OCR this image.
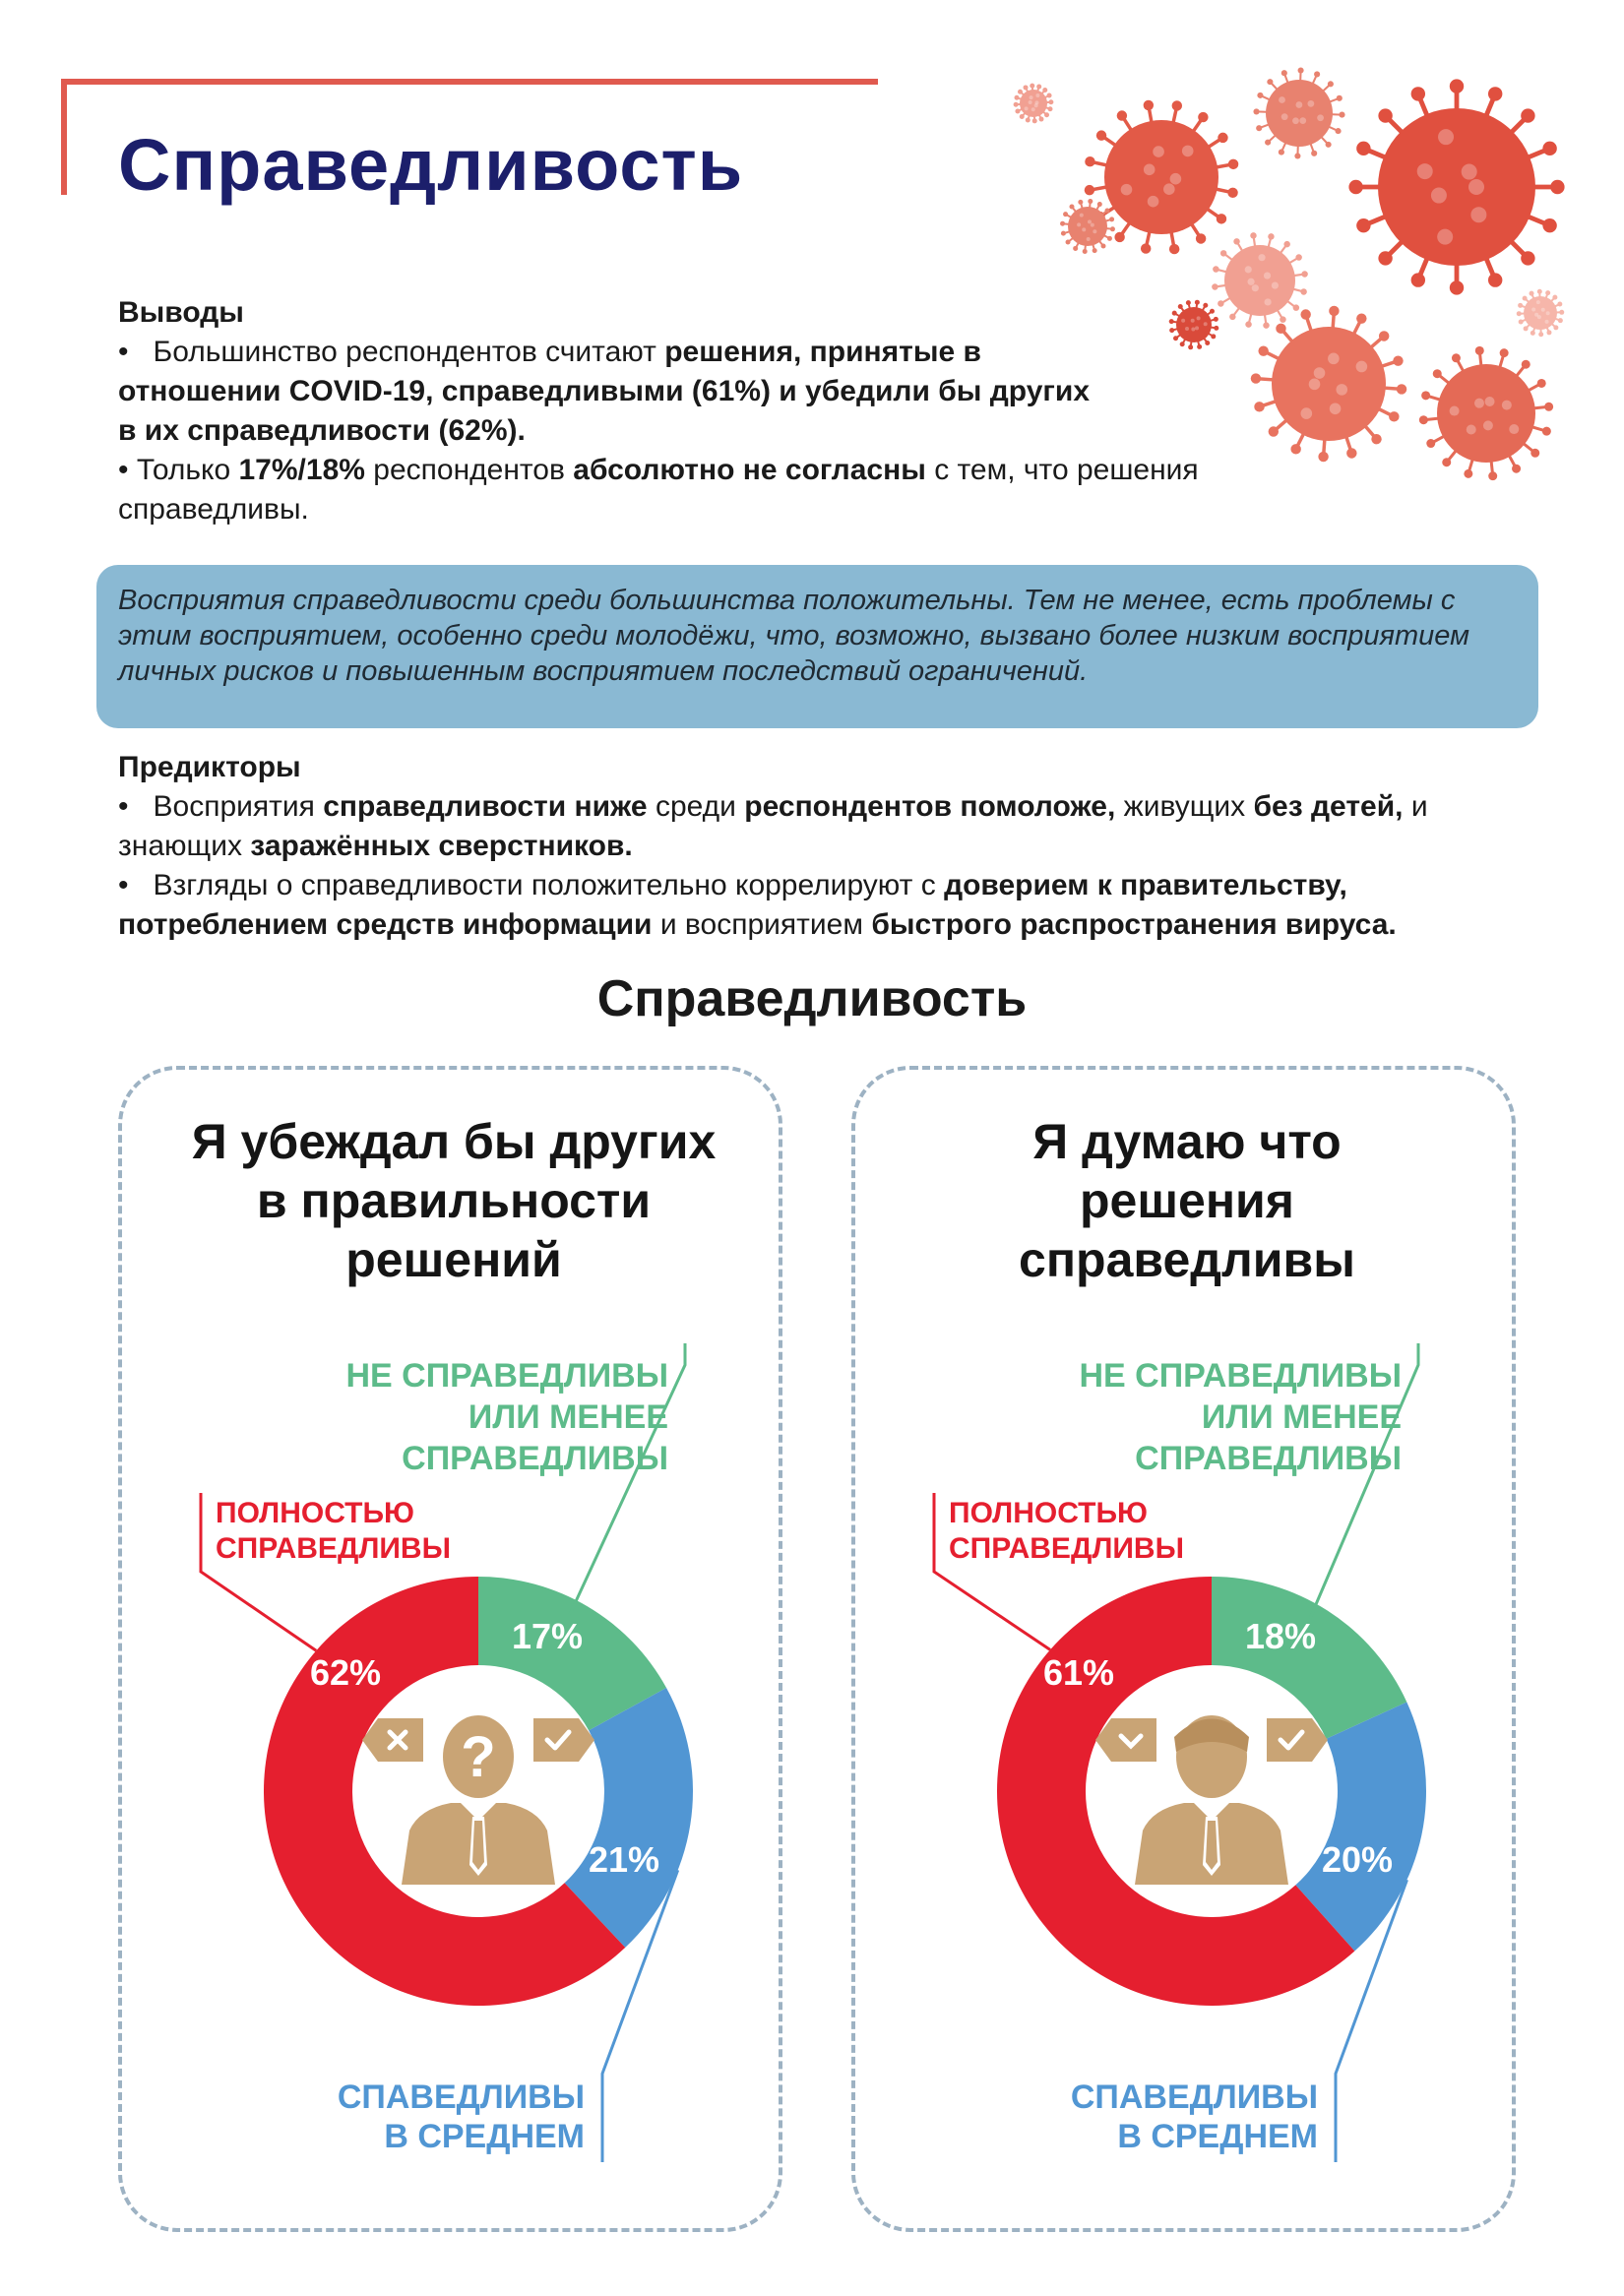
Справедливость
Выводы

• Большинство респондентов считают решения, принятые в отношении COVID-19, справедливыми (61%) и убедили бы других в их справедливости (62%).

• Только 17%/18% респондентов абсолютно не согласны с тем, что решения справедливы.

Восприятия справедливости среди большинства положительны. Тем не менее, есть проблемы с этим восприятием, особенно среди молодёжи, что, возможно, вызвано более низким восприятием личных рисков и повышенным восприятием последствий ограничений.

Предикторы

• Восприятия справедливости ниже среди респондентов помоложе, живущих без детей, и знающих заражённых сверстников.

• Взгляды о справедливости положительно коррелируют с доверием к правительству, потреблением средств информации и восприятием быстрого распространения вируса.

Справедливость
Я убеждал бы других
в правильности
решений
НЕ СПРАВЕДЛИВЫ
ИЛИ МЕНЕЕ
СПРАВЕДЛИВЫ
ПОЛНОСТЬЮ
СПРАВЕДЛИВЫ
СПАВЕДЛИВЫ
В СРЕДНЕМ
17%
21%
62%
?
Я думаю что
решения
справедливы
НЕ СПРАВЕДЛИВЫ
ИЛИ МЕНЕЕ
СПРАВЕДЛИВЫ
ПОЛНОСТЬЮ
СПРАВЕДЛИВЫ
СПАВЕДЛИВЫ
В СРЕДНЕМ
18%
20%
61%
